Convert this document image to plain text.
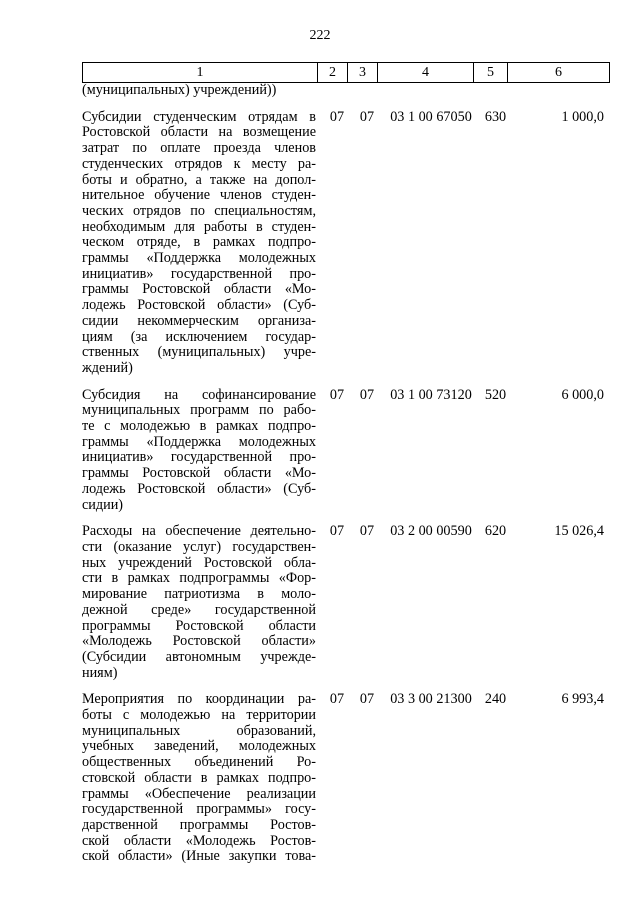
222
1	2	3	4	5	6
(муниципальных) учреждений))
Субсидии студенческим отрядам в
Ростовской области на возмещение
затрат по оплате проезда членов
студенческих отрядов к месту ра-
боты и обратно, а также на допол-
нительное обучение членов студен-
ческих отрядов по специальностям,
необходимым для работы в студен-
ческом отряде, в рамках подпро-
граммы «Поддержка молодежных
инициатив» государственной про-
граммы Ростовской области «Мо-
лодежь Ростовской области» (Суб-
сидии некоммерческим организа-
циям (за исключением государ-
ственных (муниципальных) учре-
ждений)
07	07	03 1 00 67050 630	1 000,0
Субсидия на софинансирование
муниципальных программ по рабо-
те с молодежью в рамках подпро-
граммы «Поддержка молодежных
инициатив» государственной про-
граммы Ростовской области «Мо-
лодежь Ростовской области» (Суб-
сидии)
07	07	03 1 00 73120 520	6 000,0
Расходы на обеспечение деятельно-
сти (оказание услуг) государствен-
ных учреждений Ростовской обла-
сти в рамках подпрограммы «Фор-
мирование патриотизма в моло-
дежной среде» государственной
программы Ростовской области
«Молодежь Ростовской области»
(Субсидии автономным учрежде-
ниям)
07	07	03 2 00 00590 620	15 026,4
Мероприятия по координации ра-
боты с молодежью на территории
муниципальных образований,
учебных заведений, молодежных
общественных объединений Ро-
стовской области в рамках подпро-
граммы «Обеспечение реализации
государственной программы» госу-
дарственной программы Ростов-
ской области «Молодежь Ростов-
ской области» (Иные закупки това-
07	07	03 3 00 21300 240	6 993,4
